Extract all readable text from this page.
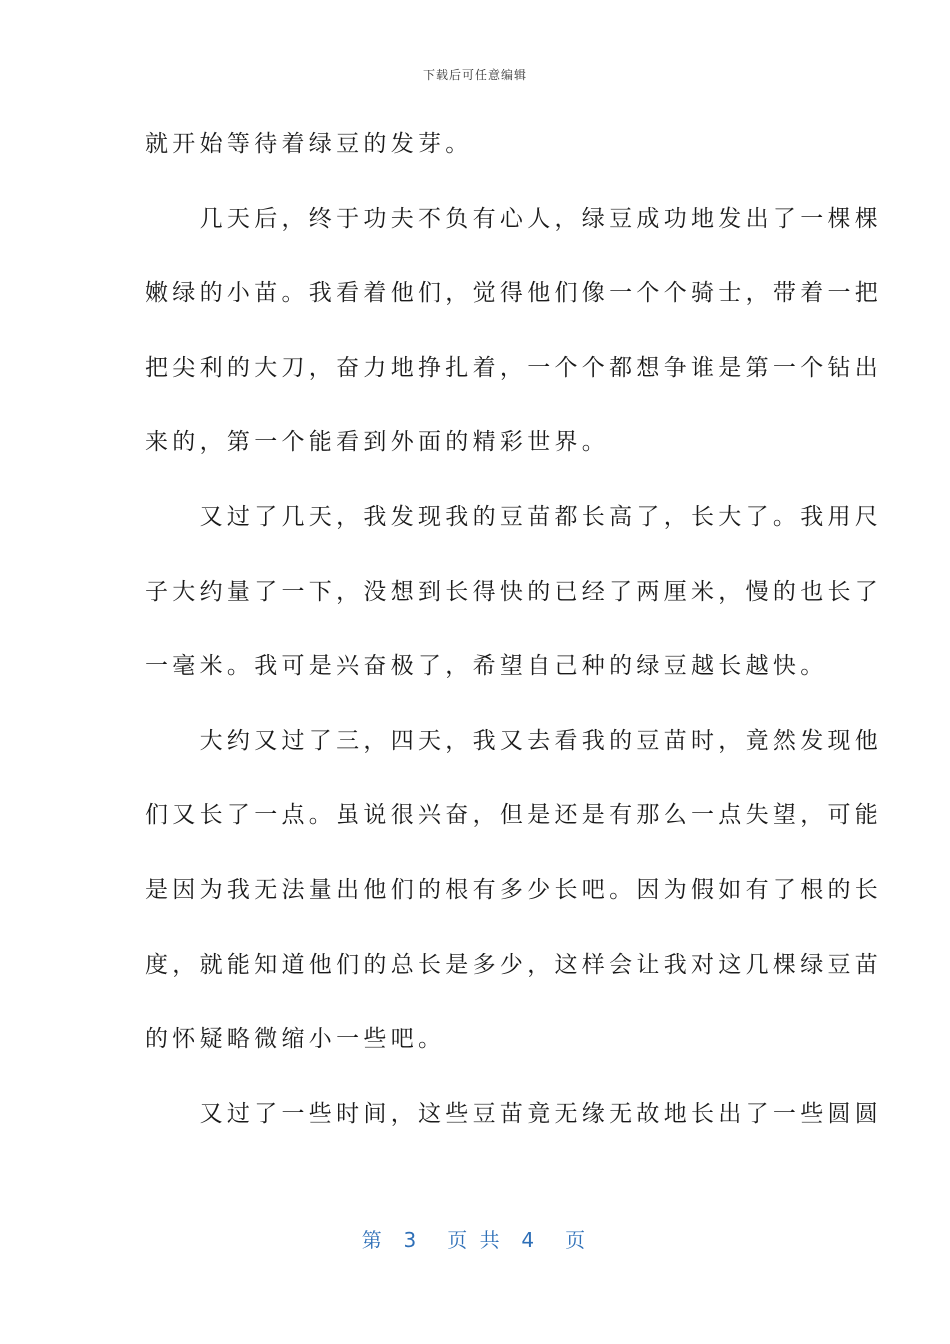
下载后可任意编辑
就开始等待着绿豆的发芽。
　　几天后，终于功夫不负有心人，绿豆成功地发出了一棵棵
嫩绿的小苗。我看着他们，觉得他们像一个个骑士，带着一把
把尖利的大刀，奋力地挣扎着，一个个都想争谁是第一个钻出
来的，第一个能看到外面的精彩世界。
　　又过了几天，我发现我的豆苗都长高了，长大了。我用尺
子大约量了一下，没想到长得快的已经了两厘米，慢的也长了
一毫米。我可是兴奋极了，希望自己种的绿豆越长越快。
　　大约又过了三，四天，我又去看我的豆苗时，竟然发现他
们又长了一点。虽说很兴奋，但是还是有那么一点失望，可能
是因为我无法量出他们的根有多少长吧。因为假如有了根的长
度，就能知道他们的总长是多少，这样会让我对这几棵绿豆苗
的怀疑略微缩小一些吧。
　　又过了一些时间，这些豆苗竟无缘无故地长出了一些圆圆
第  3   页 共  4   页
